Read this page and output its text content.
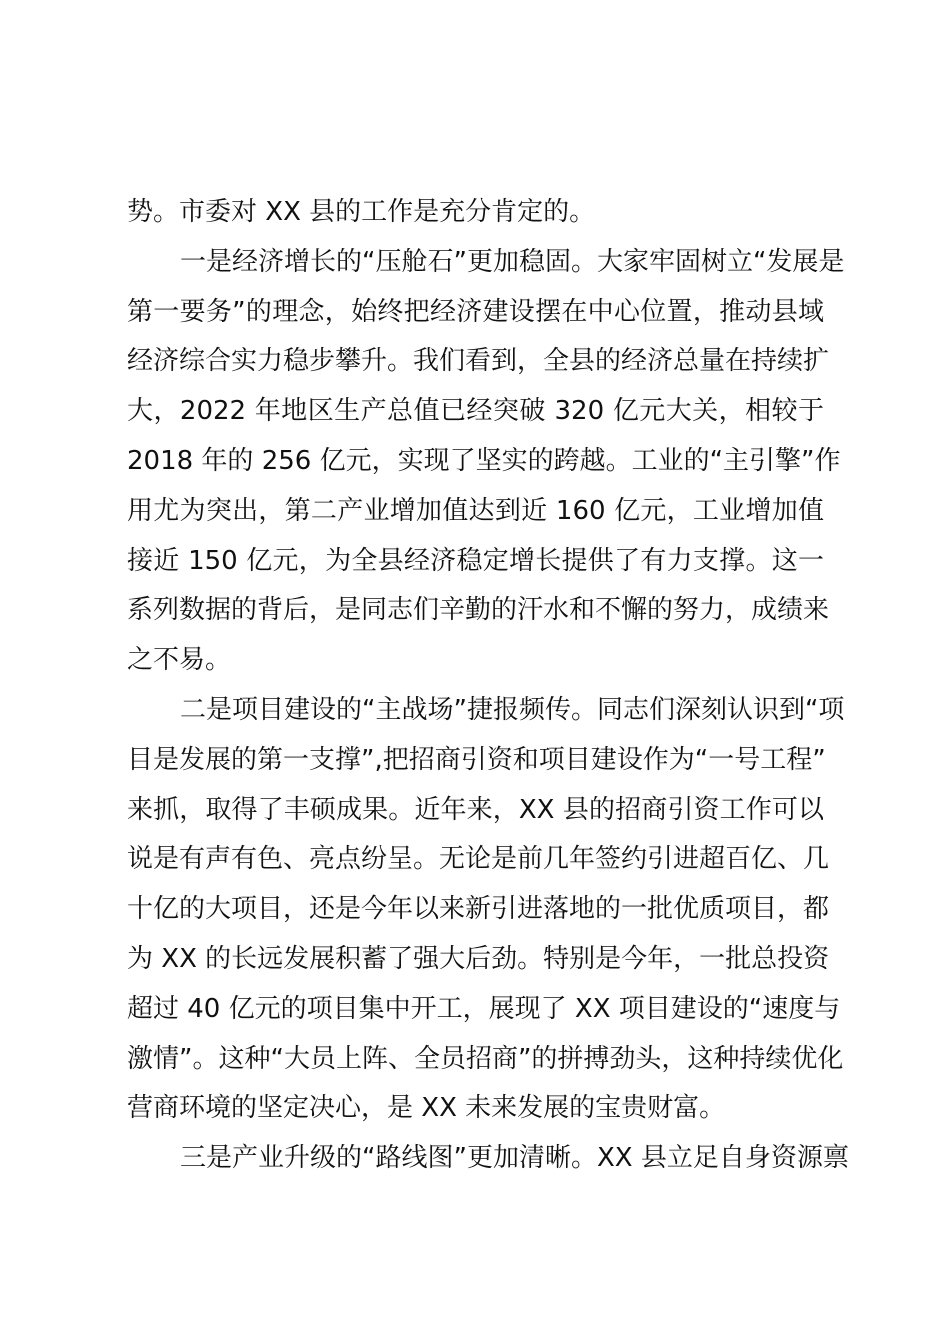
势。市委对 XX 县的工作是充分肯定的。
一是经济增长的“压舱石”更加稳固。大家牢固树立“发展是
第一要务”的理念，始终把经济建设摆在中心位置，推动县域
经济综合实力稳步攀升。我们看到，全县的经济总量在持续扩
大，2022 年地区生产总值已经突破 320 亿元大关，相较于
2018 年的 256 亿元，实现了坚实的跨越。工业的“主引擎”作
用尤为突出，第二产业增加值达到近 160 亿元，工业增加值
接近 150 亿元，为全县经济稳定增长提供了有力支撑。这一
系列数据的背后，是同志们辛勤的汗水和不懈的努力，成绩来
之不易。
二是项目建设的“主战场”捷报频传。同志们深刻认识到“项
目是发展的第一支撑”,把招商引资和项目建设作为“一号工程”
来抓，取得了丰硕成果。近年来，XX 县的招商引资工作可以
说是有声有色、亮点纷呈。无论是前几年签约引进超百亿、几
十亿的大项目，还是今年以来新引进落地的一批优质项目，都
为 XX 的长远发展积蓄了强大后劲。特别是今年，一批总投资
超过 40 亿元的项目集中开工，展现了 XX 项目建设的“速度与
激情”。这种“大员上阵、全员招商”的拼搏劲头，这种持续优化
营商环境的坚定决心，是 XX 未来发展的宝贵财富。
三是产业升级的“路线图”更加清晰。XX 县立足自身资源禀
